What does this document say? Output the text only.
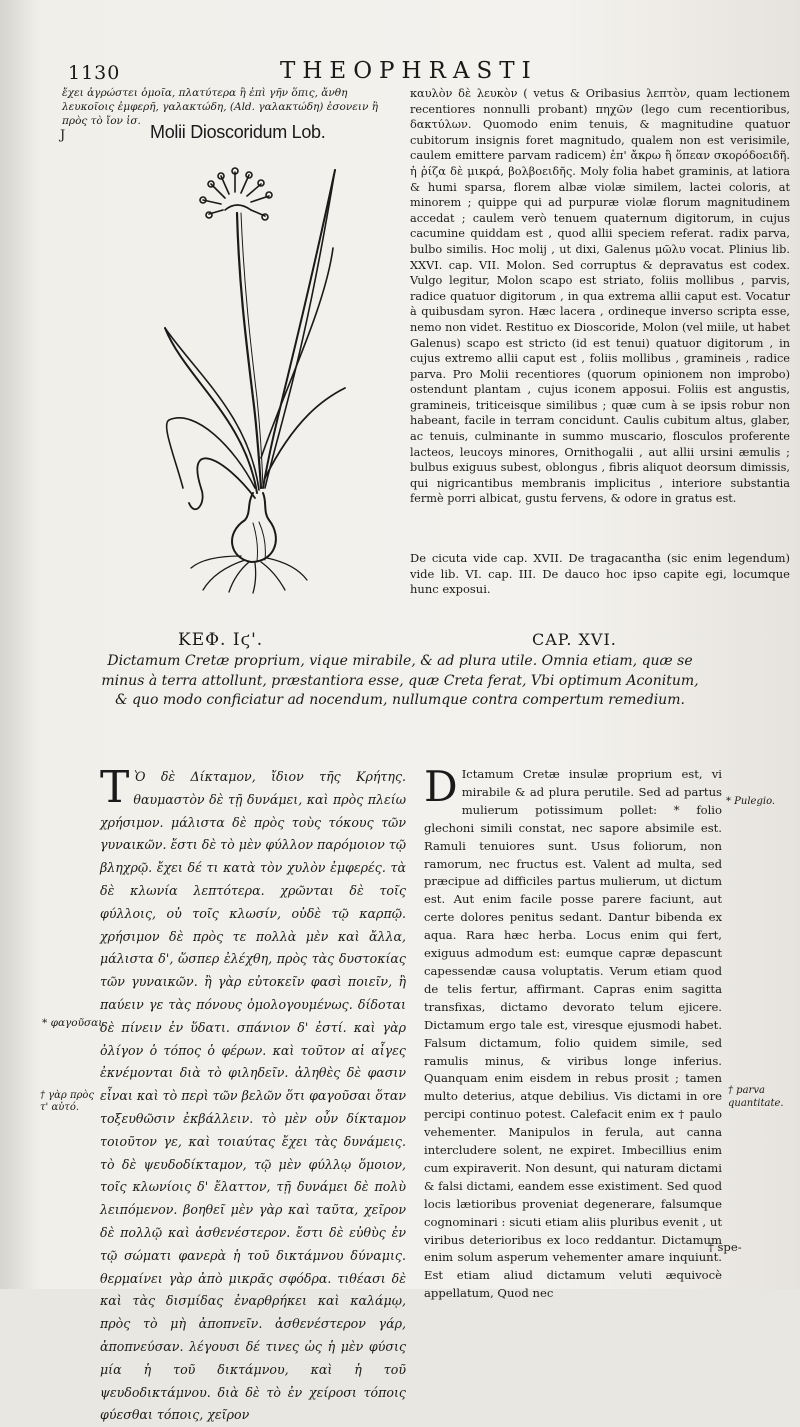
1130	THEOPHRASTI
ἔχει ἀγρώστει ὁμοῖα, πλατύτερα ἢ ἐπὶ γῆν ὅπις, ἄνθη λευκοῖοις ἐμφερῆ, γαλακτώδη, (Ald. γαλακτώδη) ἐσονειν ἢ πρὸς τὸ ἴον ἰσ.
J	Molii Dioscoridum Lob.

καυλὸν δὲ λευκὸν ( vetus & Oribasius λεπτὸν, quam lectionem recentiores nonnulli probant) πηχῶν (lego cum recentioribus, δακτύλων. Quomodo enim tenuis, & magnitudine quatuor cubitorum insignis foret magnitudo, qualem non est verisimile, caulem emittere parvam radicem) ἐπ' ἄκρω ἢ ὅπεαν σκορόδοειδῆ. ἡ ῥίζα δὲ μικρά, βολβοειδῆς. Moly folia habet graminis, at latiora & humi sparsa, florem albæ violæ similem, lactei coloris, at minorem ; quippe qui ad purpuræ violæ florum magnitudinem accedat ; caulem verò tenuem quaternum digitorum, in cujus cacumine quiddam est , quod allii speciem referat. radix parva, bulbo similis. Hoc molij , ut dixi, Galenus μῶλυ vocat. Plinius lib. XXVI. cap. VII. Molon. Sed corruptus & depravatus est codex. Vulgo legitur, Molon scapo est striato, foliis mollibus , parvis, radice quatuor digitorum , in qua extrema allii caput est. Vocatur à quibusdam syron. Hæc lacera , ordineque inverso scripta esse, nemo non videt. Restituo ex Dioscoride, Molon (vel miile, ut habet Galenus) scapo est stricto (id est tenui) quatuor digitorum , in cujus extremo allii caput est , foliis mollibus , gramineis , radice parva. Pro Molii recentiores (quorum opinionem non improbo) ostendunt plantam , cujus iconem apposui. Foliis est angustis, gramineis, triticeisque similibus ; quæ cum à se ipsis robur non habeant, facile in terram concidunt. Caulis cubitum altus, glaber, ac tenuis, culminante in summo muscario, flosculos proferente lacteos, leucoys minores, Ornithogalii , aut allii ursini æmulis ; bulbus exiguus subest, oblongus , fibris aliquot deorsum dimissis, qui nigricantibus membranis implicitus , interiore substantia fermè porri albicat, gustu fervens, & odore in gratus est.

De cicuta vide cap. XVII. De tragacantha (sic enim legendum) vide lib. VI. cap. III. De dauco hoc ipso capite egi, locumque hunc exposui.
ΚΕΦ. Ιϛ'.	CAP. XVI.
Dictamum Cretæ proprium, vique mirabile, & ad plura utile. Omnia etiam, quæ se minus à terra attollunt, præstantiora esse, quæ Creta ferat, Vbi optimum Aconitum, & quo modo conficiatur ad nocendum, nullumque contra compertum remedium.
Τ Ὸ δὲ Δίκταμον, ἴδιον τῆς Κρήτης. θαυμαστὸν δὲ τῇ δυνάμει, καὶ πρὸς πλείω χρήσιμον. μάλιστα δὲ πρὸς τοὺς τόκους τῶν γυναικῶν. ἔστι δὲ τὸ μὲν φύλλον παρόμοιον τῷ βληχρῷ. ἔχει δέ τι κατὰ τὸν χυλὸν ἐμφερές. τὰ δὲ κλωνία λεπτότερα. χρῶνται δὲ τοῖς φύλλοις, οὐ τοῖς κλωσίν, οὐδὲ τῷ καρπῷ. χρήσιμον δὲ πρὸς τε πολλὰ μὲν καὶ ἄλλα, μάλιστα δ', ὥσπερ ἐλέχθη, πρὸς τὰς δυστοκίας τῶν γυναικῶν. ἢ γὰρ εὐτοκεῖν φασὶ ποιεῖν, ἢ παύειν γε τὰς πόνους ὁμολογουμένως. δίδοται δὲ πίνειν ἐν ὕδατι. σπάνιον δ' ἐστί. καὶ γὰρ ὀλίγον ὁ τόπος ὁ φέρων. καὶ τοῦτον αἱ αἶγες ἐκνέμονται διὰ τὸ φιληδεῖν. ἀληθὲς δὲ φασιν εἶναι καὶ τὸ περὶ τῶν βελῶν ὅτι φαγοῦσαι ὅταν τοξευθῶσιν ἐκβάλλειν. τὸ μὲν οὖν δίκταμον τοιοῦτον γε, καὶ τοιαύτας ἔχει τὰς δυνάμεις. τὸ δὲ ψευδοδίκταμον, τῷ μὲν φύλλῳ ὅμοιον, τοῖς κλωνίοις δ' ἔλαττον, τῇ δυνάμει δὲ πολὺ λειπόμενον. βοηθεῖ μὲν γὰρ καὶ ταῦτα, χεῖρον δὲ πολλῷ καὶ ἀσθενέστερον. ἔστι δὲ εὐθὺς ἐν τῷ σώματι φανερὰ ἡ τοῦ δικτάμνου δύναμις. θερμαίνει γὰρ ἀπὸ μικρᾶς σφόδρα. τιθέασι δὲ καὶ τὰς δισμίδας ἐναρθρήκει καὶ καλάμῳ, πρὸς τὸ μὴ ἀποπνεῖν. ἀσθενέστερον γάρ, ἀποπνεύσαν. λέγουσι δέ τινες ὡς ἡ μὲν φύσις μία ἡ τοῦ δικτάμνου, καὶ ἡ τοῦ ψευδοδικτάμνου. διὰ δὲ τὸ ἐν χείροσι τόποις φύεσθαι τόποις, χεῖρον

D Ictamum Cretæ insulæ proprium est, vi mirabile & ad plura perutile. Sed ad partus mulierum potissimum pollet: * folio glechoni simili constat, nec sapore absimile est. Ramuli tenuiores sunt. Usus foliorum, non ramorum, nec fructus est. Valent ad multa, sed præcipue ad difficiles partus mulierum, ut dictum est. Aut enim facile posse parere faciunt, aut certe dolores penitus sedant. Dantur bibenda ex aqua. Rara hæc herba. Locus enim qui fert, exiguus admodum est: eumque capræ depascunt capessendæ causa voluptatis. Verum etiam quod de telis fertur, affirmant. Capras enim sagitta transfixas, dictamo devorato telum ejicere. Dictamum ergo tale est, viresque ejusmodi habet. Falsum dictamum, folio quidem simile, sed ramulis minus, & viribus longe inferius. Quanquam enim eisdem in rebus prosit ; tamen multo deterius, atque debilius. Vis dictami in ore percipi continuo potest. Calefacit enim ex † paulo vehementer. Manipulos in ferula, aut canna intercludere solent, ne expiret. Imbecillius enim cum expiraverit. Non desunt, qui naturam dictami & falsi dictami, eandem esse existiment. Sed quod locis lætioribus proveniat degenerare, falsumque cognominari : sicuti etiam aliis pluribus evenit , ut viribus deterioribus ex loco reddantur. Dictamum enim solum asperum vehementer amare inquiunt. Est etiam aliud dictamum veluti æquivocè appellatum, Quod nec

* φαγοῦσαι.
† γὰρ πρὸς τ' αὐτό.
* Pulegio.
† parva quantitate.
† spe-
